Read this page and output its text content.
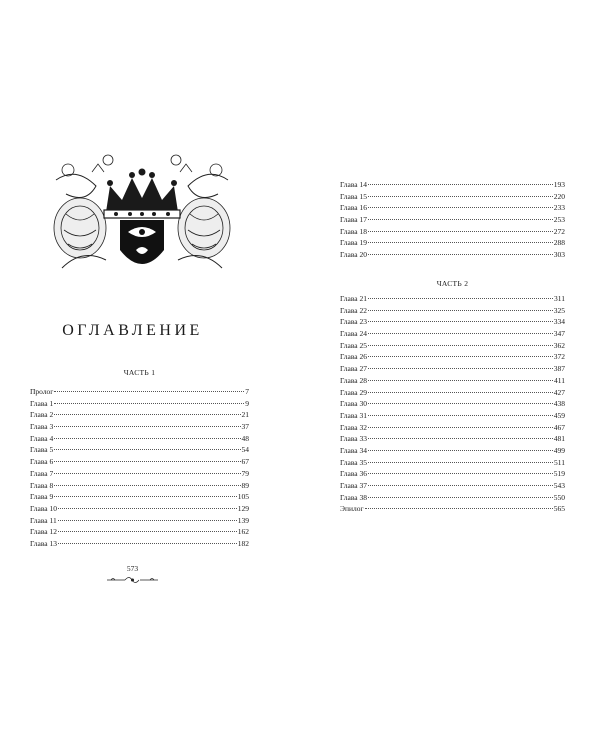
ОГЛАВЛЕНИЕ
ЧАСТЬ 1
Пролог	7
Глава 1	9
Глава 2	21
Глава 3	37
Глава 4	48
Глава 5	54
Глава 6	67
Глава 7	79
Глава 8	89
Глава 9	105
Глава 10	129
Глава 11	139
Глава 12	162
Глава 13	182
573
Глава 14	193
Глава 15	220
Глава 16	233
Глава 17	253
Глава 18	272
Глава 19	288
Глава 20	303
ЧАСТЬ 2
Глава 21	311
Глава 22	325
Глава 23	334
Глава 24	347
Глава 25	362
Глава 26	372
Глава 27	387
Глава 28	411
Глава 29	427
Глава 30	438
Глава 31	459
Глава 32	467
Глава 33	481
Глава 34	499
Глава 35	511
Глава 36	519
Глава 37	543
Глава 38	550
Эпилог	565
